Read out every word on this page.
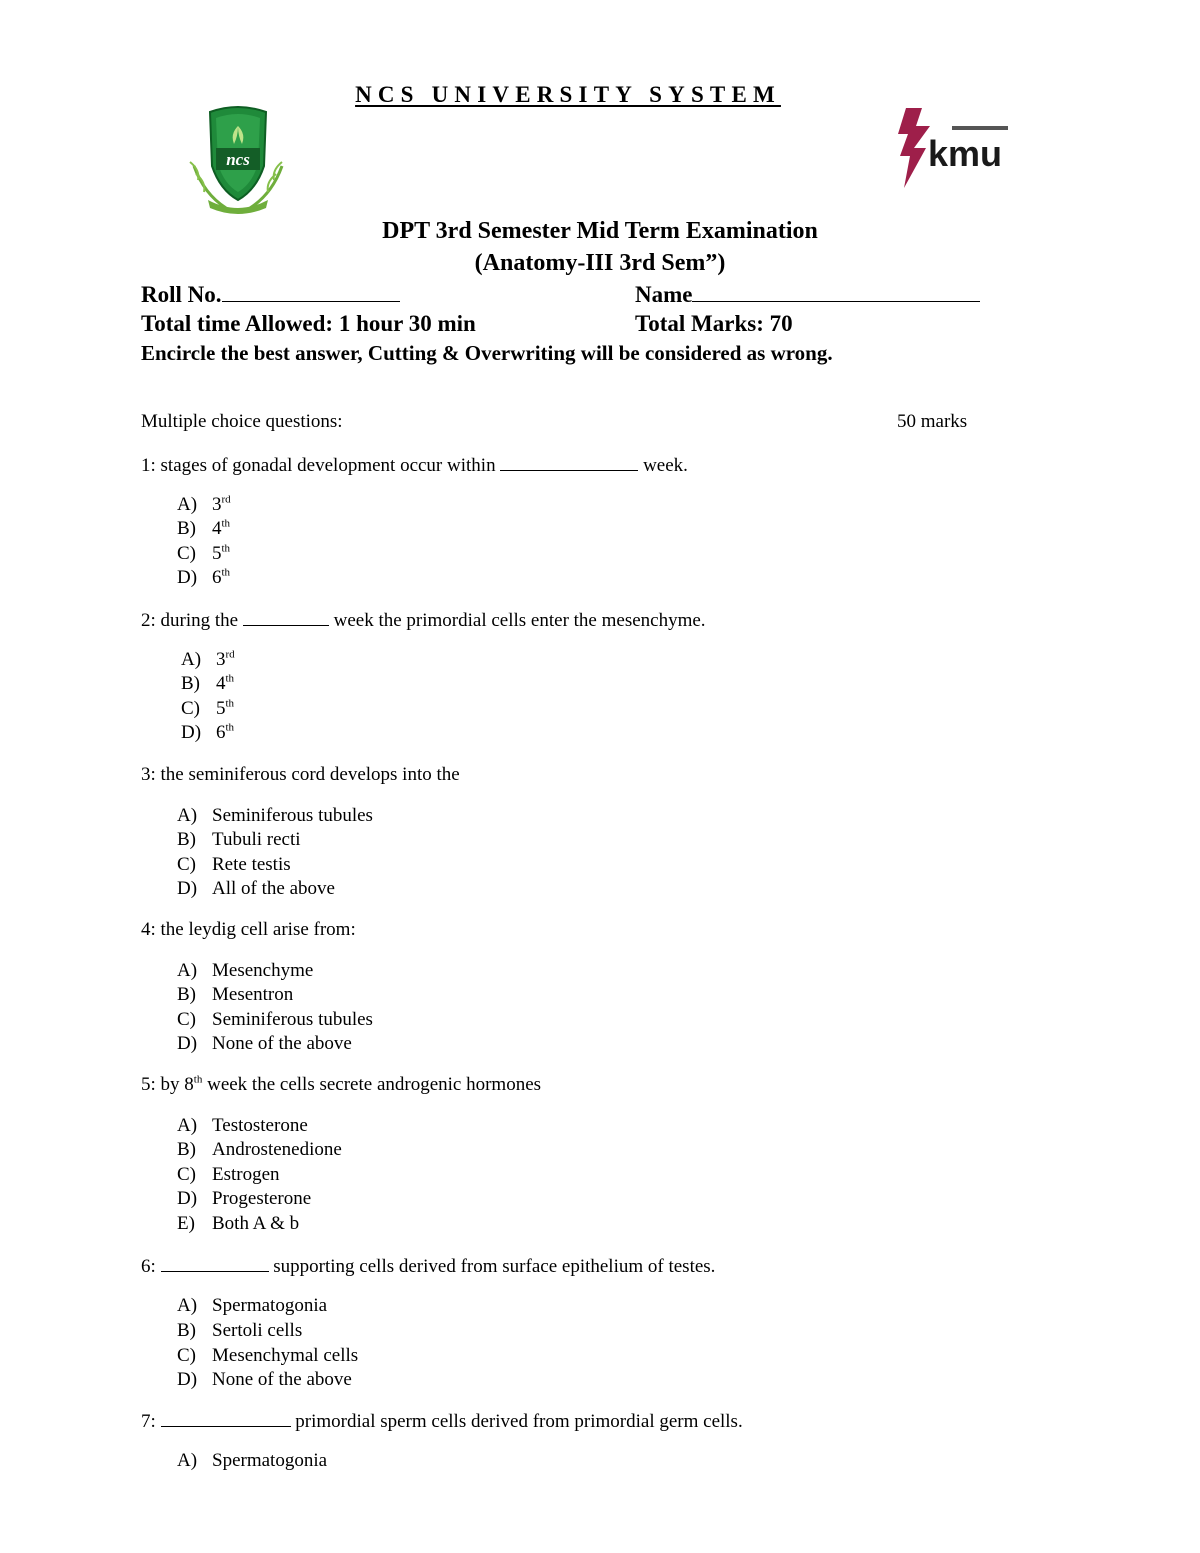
NCS UNIVERSITY SYSTEM
ncs	kmu
DPT 3rd Semester Mid Term Examination
(Anatomy-III 3rd Sem”)
Roll No.	Name
Total time Allowed: 1 hour 30 min	Total Marks: 70
Encircle the best answer, Cutting & Overwriting will be considered as wrong.
Multiple choice questions:	50 marks
1: stages of gonadal development occur within	week.
A) 3rd
B) 4th
C) 5th
D) 6th
2: during the	week the primordial cells enter the mesenchyme.
A) 3rd
B) 4th
C) 5th
D) 6th
3: the seminiferous cord develops into the
A) Seminiferous tubules
B) Tubuli recti
C) Rete testis
D) All of the above
4: the leydig cell arise from:
A) Mesenchyme
B) Mesentron
C) Seminiferous tubules
D) None of the above
5: by 8th week the cells secrete androgenic hormones
A) Testosterone
B) Androstenedione
C) Estrogen
D) Progesterone
E) Both A & b
6:	supporting cells derived from surface epithelium of testes.
A) Spermatogonia
B) Sertoli cells
C) Mesenchymal cells
D) None of the above
7:	primordial sperm cells derived from primordial germ cells.
A) Spermatogonia
